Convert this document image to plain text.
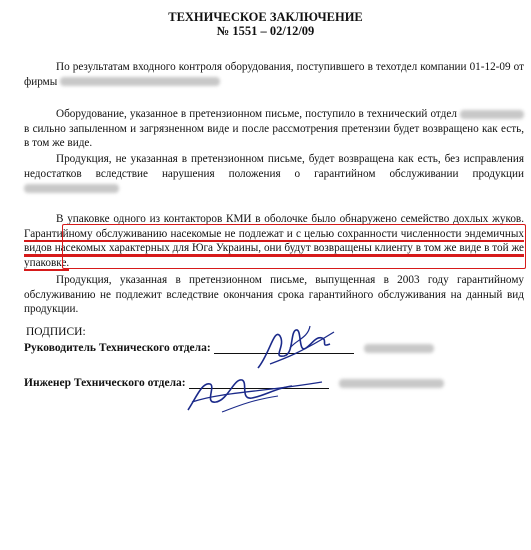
ТЕХНИЧЕСКОЕ ЗАКЛЮЧЕНИЕ
№ 1551 – 02/12/09
По результатам входного контроля оборудования, поступившего в техотдел компании 01-12-09 от фирмы
Оборудование, указанное в претензионном письме, поступило в технический отдел  в сильно запыленном и загрязненном виде и после рассмотрения претензии будет возвращено как есть, в том же виде.
Продукция, не указанная в претензионном письме, будет возвращена как есть, без исправления недостатков вследствие нарушения положения о гарантийном обслуживании продукции
В упаковке одного из контакторов КМИ в оболочке было обнаружено семейство дохлых жуков. Гарантийному обслуживанию насекомые не подлежат и с целью сохранности численности эндемичных видов насекомых характерных для Юга Украины, они будут возвращены клиенту в том же виде в той же упаковке.
Продукция, указанная в претензионном письме, выпущенная в 2003 году гарантийному обслуживанию не подлежит вследствие окончания срока гарантийного обслуживания на данный вид продукции.
ПОДПИСИ:
Руководитель Технического отдела:
Инженер Технического отдела:
